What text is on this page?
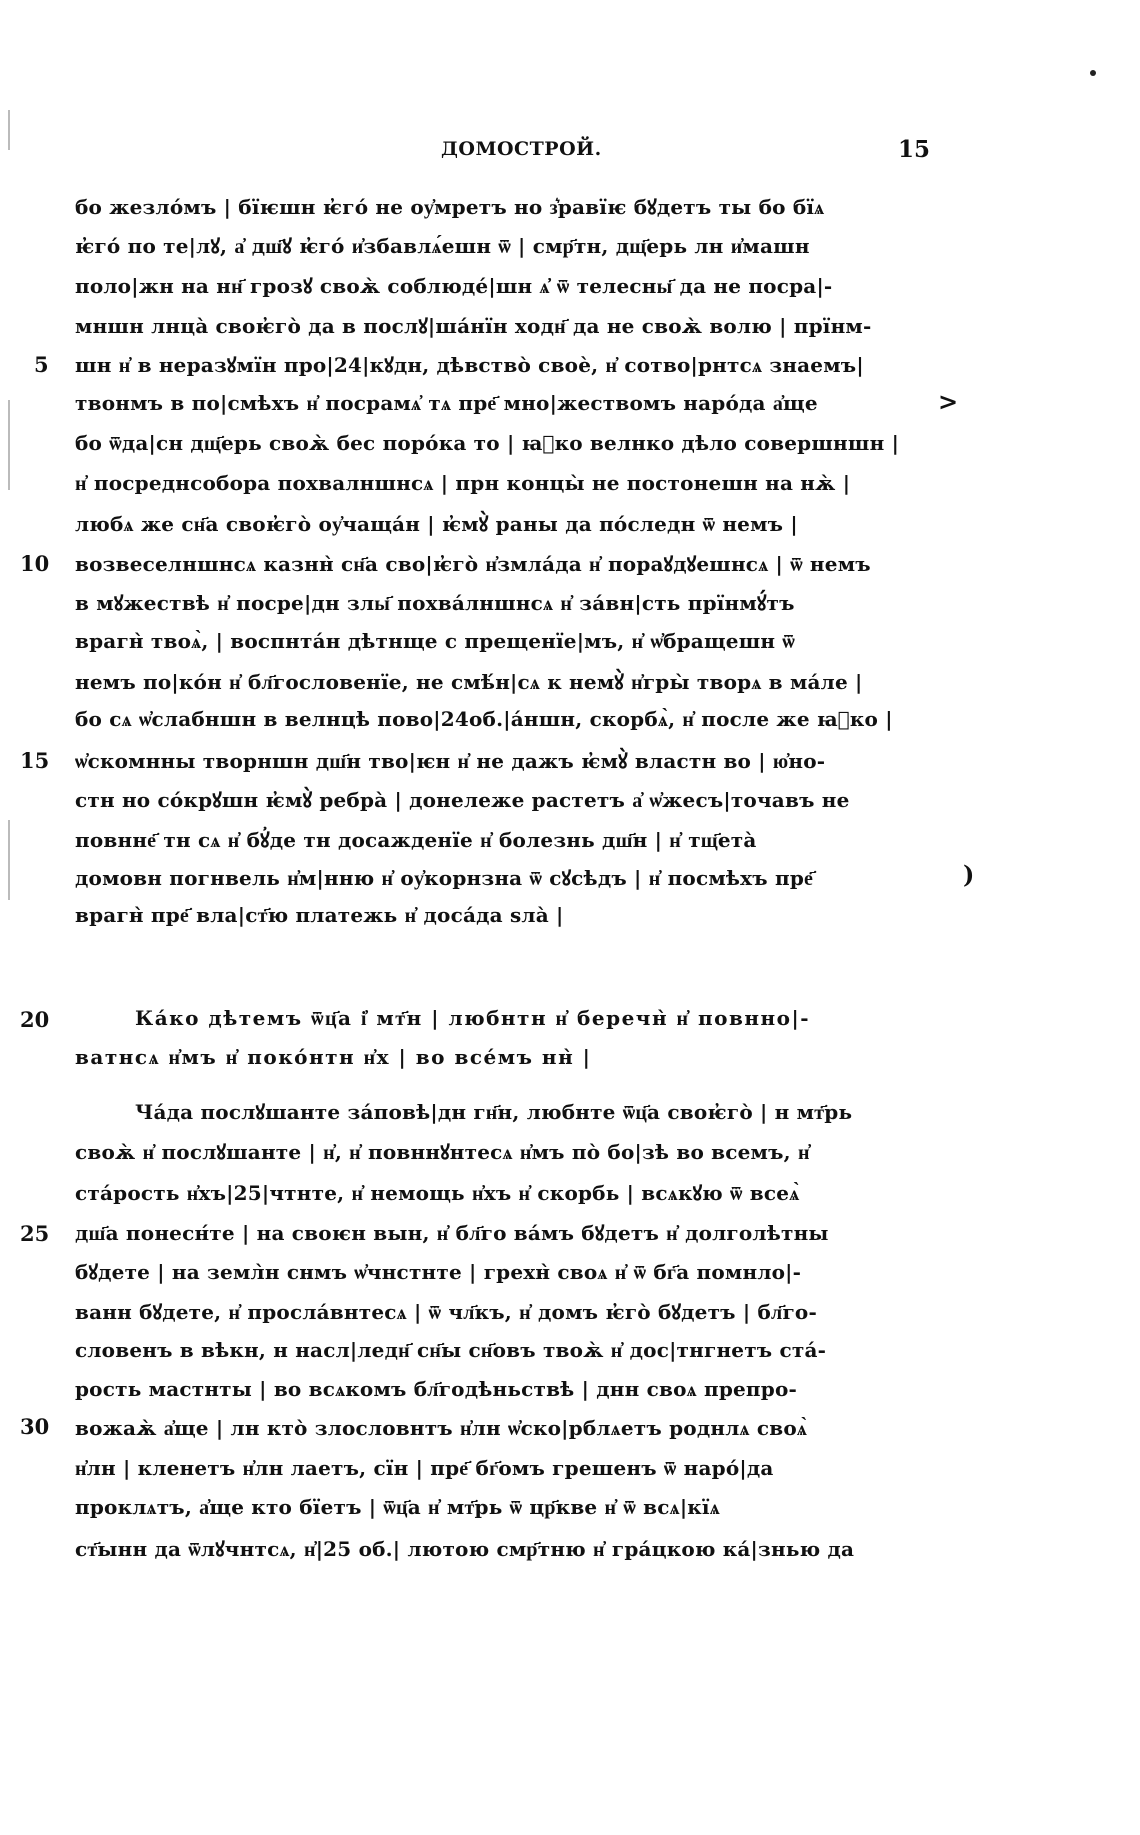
ДОМОСТРОЙ.	15
5
10
15
20
25
30
>
)
бо жезло́мъ | бїѥшн ѥ̓го́ не оу҆мретъ но з͛равїѥ бꙋдетъ ты бо бїѧ
ѥ̓го́ по те|лꙋ, а҆ дш҃ꙋ ѥ̓го́ и҆збавлѧ́ешн ѿ | смр҃тн, дщ҃ерь лн и҆машн
поло|жн на нн҃ грозꙋ своѫ̀ соблюде́|шн ѧ҆̓ ѿ телесны҃ да не посра|-
мншн лнца̀ своѥ̓го̀ да в послꙋ|ша́нїн ходн҃ да не своѫ̀ волю | прїнм-
шн н҆ в неразꙋмїн про|24|кꙋдн, дѣвство̀ своѐ, н҆ сотво|рнтсѧ знаемъ|
твонмъ в по|смѣхъ н҆ посрамѧ҆ тѧ пре҃ мно|жествомъ наро́да а҆ще
бо ѿда|сн дщ҃ерь своѫ̀ бес поро́ка то | ꙗ҆ко велнко дѣло совершншн |
н҆ посреднсобора похвалншнсѧ | прн концы̀ не постонешн на нѫ̀ |
любѧ же сн҃а своѥ̓го̀ оу҆чаща́н | ѥ̓мꙋ̀ раны да по́следн ѿ немъ |
возвеселншнсѧ казнн̀ сн҃а сво|ѥ̓го̀ н҆змла́да н҆ пораꙋдꙋешнсѧ | ѿ немъ
в мꙋжествѣ н҆ посре|дн злы҃ похва́лншнсѧ н҆ за́вн|сть прїнмꙋ́тъ
врагн̀ твоѧ̀, | воспнта́н дѣтнще с прещенїе|мъ, н҆ ѡ҆бращешн ѿ
немъ по|ко́н н҆ бл҃гословенїе, не смѣ́н|сѧ к немꙋ̀ н҆гры̀ творѧ в ма́ле |
бо сѧ ѡ҆слабншн в велнцѣ пово|24об.|а́ншн, скорбѧ̀, н҆ после же ꙗ҆ко |
ѡ҆скомнны творншн дш҃н тво|ѥн н҆ не дажъ ѥ̓мꙋ̀ властн во | ю҆но-
стн но со́крꙋшн ѥ̓мꙋ̀ ребра̀ | донележе растетъ а҆ ѡ҆жесъ|точавъ не
повнне҃ тн сѧ н҆ бꙋ҆де тн досажденїе н҆ болезнь дш҃н | н҆ тщ҃ета̀
домовн погнвель н҆м|нню н҆ оу҆корнзна ѿ сꙋсѣдъ | н҆ посмѣхъ пре҃
врагн̀ пре҃ вла|ст҃ю платежь н҆ доса́да ѕла̀ |
Ка́ко дѣтемъ ѿц҃а і҆ мт҃н | любнтн н҆ беречн̀ н҆ повнно|-
ватнсѧ н҆мъ н҆ поко́нтн н҆х | во все́мъ нн̀ |
Ча́да послꙋшанте за́повѣ|дн гн҃н, любнте ѿц҃а своѥ̓го̀ | н мт҃рь
своѫ̀ н҆ послꙋшанте | н҆, н҆ повннꙋнтесѧ н҆мъ по̀ бо|зѣ во всемъ, н҆
ста́рость н҆хъ|25|чтнте, н҆ немощь н҆хъ н҆ скорбь | всѧкꙋю ѿ всеѧ̀
дш҃а понесн́те | на своѥн вын, н҆ бл҃го ва́мъ бꙋдетъ н҆ долголѣтны
бꙋдете | на земл̀н снмъ ѡ҆чнстнте | грехн̀ своѧ н҆ ѿ бг҃а помнло|-
ванн бꙋдете, н҆ просла́внтесѧ | ѿ чл҃къ, н҆ домъ ѥ̓го̀ бꙋдетъ | бл҃го-
словенъ в вѣкн, н насл|ледн҃ сн҃ы сн҃овъ твоѫ̀ н҆ дос|тнгнетъ ста́-
рость мастнты | во всѧкомъ бл҃годѣньствѣ | днн своѧ препро-
вожаѫ̀ а҆ще | лн кто̀ злословнтъ н҆лн ѡ҆ско|рблѧетъ роднлѧ своѧ̀
н҆лн | кленетъ н҆лн лаетъ, сїн | пре҃ бг҃омъ грешенъ ѿ наро́|да
проклѧтъ, а҆ще кто бїетъ | ѿц҃а н҆ мт҃рь ѿ цр҃кве н҆ ѿ всѧ|кїѧ
ст҃ынн да ѿлꙋчнтсѧ, н҆|25 об.| лютою смр҃тню н҆ гра́цкою ка́|знью да
